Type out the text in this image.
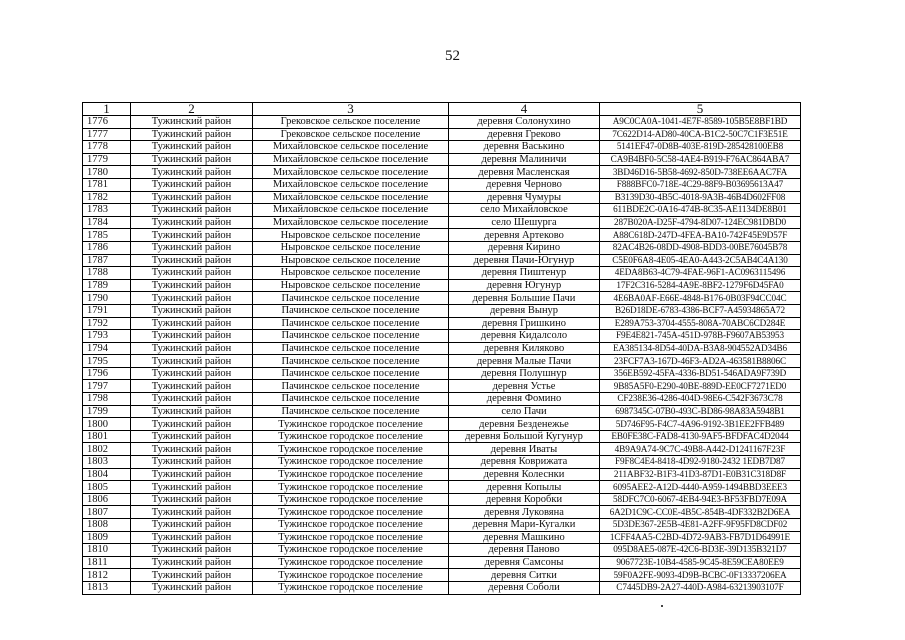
52
1	2	3	4	5
1776	Тужинский район	Грековское сельское поселение	деревня Солонухино	A9C0CA0A-1041-4E7F-8589-105B5E8BF1BD
1777	Тужинский район	Грековское сельское поселение	деревня Греково	7C622D14-AD80-40CA-B1C2-50C7C1F3E51E
1778	Тужинский район	Михайловское сельское поселение	деревня Васькино	5141EF47-0D8B-403E-819D-285428100EB8
1779	Тужинский район	Михайловское сельское поселение	деревня Малиничи	CA9B4BF0-5C58-4AE4-B919-F76AC864ABA7
1780	Тужинский район	Михайловское сельское поселение	деревня Масленская	3BD46D16-5B58-4692-850D-738EE6AAC7FA
1781	Тужинский район	Михайловское сельское поселение	деревня Черново	F888BFC0-718E-4C29-88F9-B03695613A47
1782	Тужинский район	Михайловское сельское поселение	деревня Чумуры	B3139D30-4B5C-4018-9A3B-46B4D602FF08
1783	Тужинский район	Михайловское сельское поселение	село Михайловское	611BDE2C-0A16-474B-8C35-AE1134DE8B01
1784	Тужинский район	Михайловское сельское поселение	село Шешурга	287B020A-D25F-4794-8D07-124EC981DBD0
1785	Тужинский район	Ныровское сельское поселение	деревня Артеково	A88C618D-247D-4FEA-BA10-742F45E9D57F
1786	Тужинский район	Ныровское сельское поселение	деревня Кирино	82AC4B26-08DD-4908-BDD3-00BE76045B78
1787	Тужинский район	Ныровское сельское поселение	деревня Пачи-Югунур	C5E0F6A8-4E05-4EA0-A443-2C5AB4C4A130
1788	Тужинский район	Ныровское сельское поселение	деревня Пиштенур	4EDA8B63-4C79-4FAE-96F1-AC0963115496
1789	Тужинский район	Ныровское сельское поселение	деревня Югунур	17F2C316-5284-4A9E-8BF2-1279F6D45FA0
1790	Тужинский район	Пачинское сельское поселение	деревня Большие Пачи	4E6BA0AF-E66E-4848-B176-0B03F94CC04C
1791	Тужинский район	Пачинское сельское поселение	деревня Вынур	B26D18DE-6783-4386-BCF7-A45934865A72
1792	Тужинский район	Пачинское сельское поселение	деревня Гришкино	E289A753-3704-4555-808A-70ABC6CD284E
1793	Тужинский район	Пачинское сельское поселение	деревня Кидалсоло	F9E4E821-745A-451D-978B-F9607AB53953
1794	Тужинский район	Пачинское сельское поселение	деревня Киляково	EA385134-8D54-40DA-B3A8-904552AD34B6
1795	Тужинский район	Пачинское сельское поселение	деревня Малые Пачи	23FCF7A3-167D-46F3-AD2A-463581B8806C
1796	Тужинский район	Пачинское сельское поселение	деревня Полушнур	356EB592-45FA-4336-BD51-546ADA9F739D
1797	Тужинский район	Пачинское сельское поселение	деревня Устье	9B85A5F0-E290-40BE-889D-EE0CF7271ED0
1798	Тужинский район	Пачинское сельское поселение	деревня Фомино	CF238E36-4286-404D-98E6-C542F3673C78
1799	Тужинский район	Пачинское сельское поселение	село Пачи	6987345C-07B0-493C-BD86-98A83A5948B1
1800	Тужинский район	Тужинское городское поселение	деревня Безденежье	5D746F95-F4C7-4A96-9192-3B1EE2FFB489
1801	Тужинский район	Тужинское городское поселение	деревня Большой Кугунур	EB0FE38C-FAD8-4130-9AF5-BFDFAC4D2044
1802	Тужинский район	Тужинское городское поселение	деревня Иваты	4B9A9A74-9C7C-49B8-A442-D1241167F23F
1803	Тужинский район	Тужинское городское поселение	деревня Коврижата	F9F8C4E4-8418-4D92-9180-2432 1EDB7D87
1804	Тужинский район	Тужинское городское поселение	деревня Колеснки	211ABF32-B1F3-41D3-87D1-E0B31C318D8F
1805	Тужинский район	Тужинское городское поселение	деревня Копылы	6095AEE2-A12D-4440-A959-1494BBD3EEE3
1806	Тужинский район	Тужинское городское поселение	деревня Коробки	58DFC7C0-6067-4EB4-94E3-BF53FBD7E09A
1807	Тужинский район	Тужинское городское поселение	деревня Луковяна	6A2D1C9C-CC0E-4B5C-854B-4DF332B2D6EA
1808	Тужинский район	Тужинское городское поселение	деревня Мари-Кугалки	5D3DE367-2E5B-4E81-A2FF-9F95FD8CDF02
1809	Тужинский район	Тужинское городское поселение	деревня Машкино	1CFF4AA5-C2BD-4D72-9AB3-FB7D1D64991E
1810	Тужинский район	Тужинское городское поселение	деревня Паново	095D8AE5-087E-42C6-BD3E-39D135B321D7
1811	Тужинский район	Тужинское городское поселение	деревня Самсоны	9067723E-10B4-4585-9C45-8E59CEA80EE9
1812	Тужинский район	Тужинское городское поселение	деревня Ситки	59F0A2FE-9093-4D9B-BCBC-0F13337206EA
1813	Тужинский район	Тужинское городское поселение	деревня Соболи	C7445DB9-2A27-440D-A984-63213903107F
